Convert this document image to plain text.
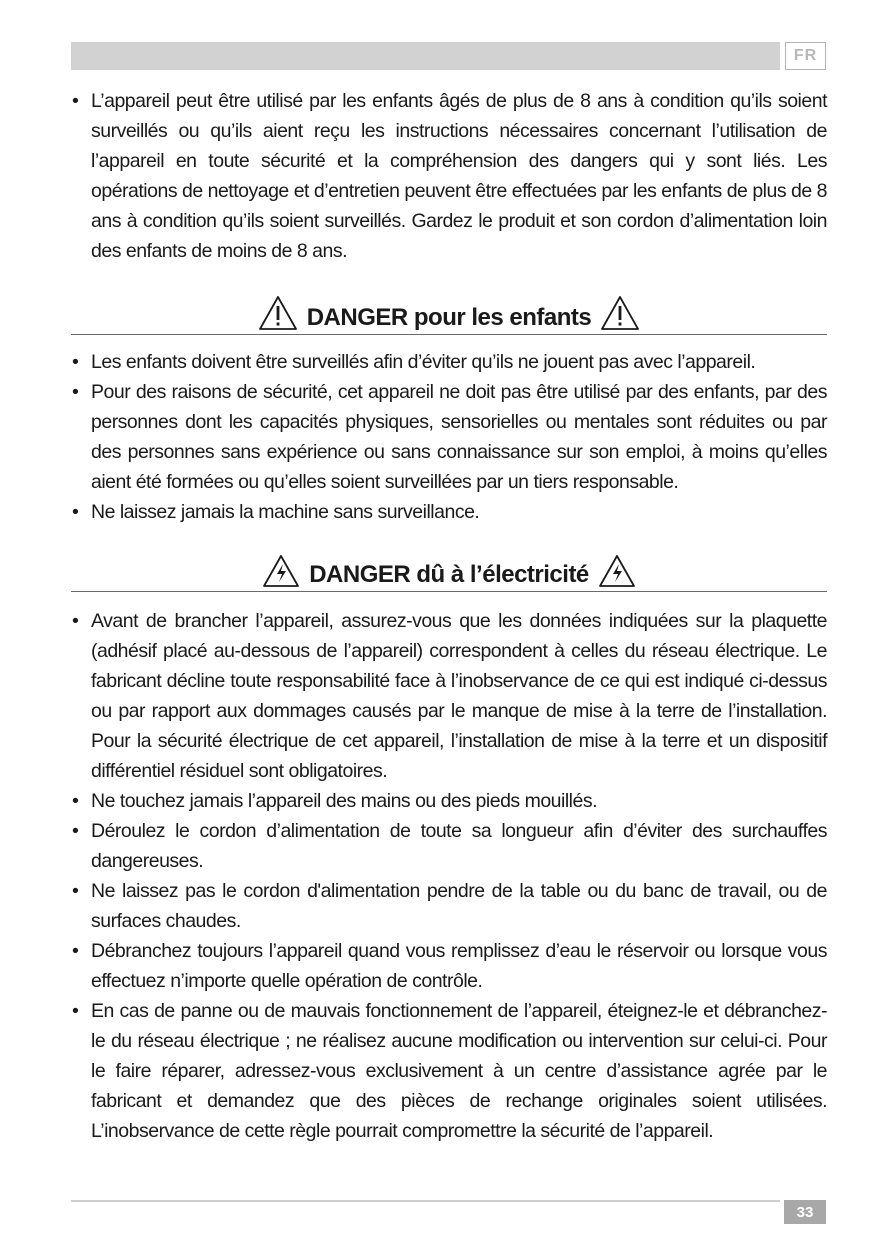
FR
• L’appareil peut être utilisé par les enfants âgés de plus de 8 ans à condition qu’ils soient surveillés ou qu’ils aient reçu les instructions nécessaires concernant l’utilisation de l’appareil en toute sécurité et la compréhension des dangers qui y sont liés. Les opérations de nettoyage et d’entretien peuvent être effectuées par les enfants de plus de 8 ans à condition qu’ils soient surveillés. Gardez le produit et son cordon d’alimentation loin des enfants de moins de 8 ans.
DANGER pour les enfants
• Les enfants doivent être surveillés afin d’éviter qu’ils ne jouent pas avec l’appareil.
• Pour des raisons de sécurité, cet appareil ne doit pas être utilisé par des enfants, par des personnes dont les capacités physiques, sensorielles ou mentales sont réduites ou par des personnes sans expérience ou sans connaissance sur son emploi, à moins qu’elles aient été formées ou qu’elles soient surveillées par un tiers responsable.
• Ne laissez jamais la machine sans surveillance.
DANGER dû à l’électricité
• Avant de brancher l’appareil, assurez-vous que les données indiquées sur la plaquette (adhésif placé au-dessous de l’appareil) correspondent à celles du réseau électrique. Le fabricant décline toute responsabilité face à l’inobservance de ce qui est indiqué ci-dessus ou par rapport aux dommages causés par le manque de mise à la terre de l’installation. Pour la sécurité électrique de cet appareil, l’installation de mise à la terre et un dispositif différentiel résiduel sont obligatoires.
• Ne touchez jamais l’appareil des mains ou des pieds mouillés.
• Déroulez le cordon d’alimentation de toute sa longueur afin d’éviter des surchauffes dangereuses.
• Ne laissez pas le cordon d'alimentation pendre de la table ou du banc de travail, ou de surfaces chaudes.
• Débranchez toujours l’appareil quand vous remplissez d’eau le réservoir ou lorsque vous effectuez n’importe quelle opération de contrôle.
• En cas de panne ou de mauvais fonctionnement de l’appareil, éteignez-le et débranchez-le du réseau électrique ; ne réalisez aucune modification ou intervention sur celui-ci. Pour le faire réparer, adressez-vous exclusivement à un centre d’assistance agrée par le fabricant et demandez que des pièces de rechange originales soient utilisées. L’inobservance de cette règle pourrait compromettre la sécurité de l’appareil.
33
